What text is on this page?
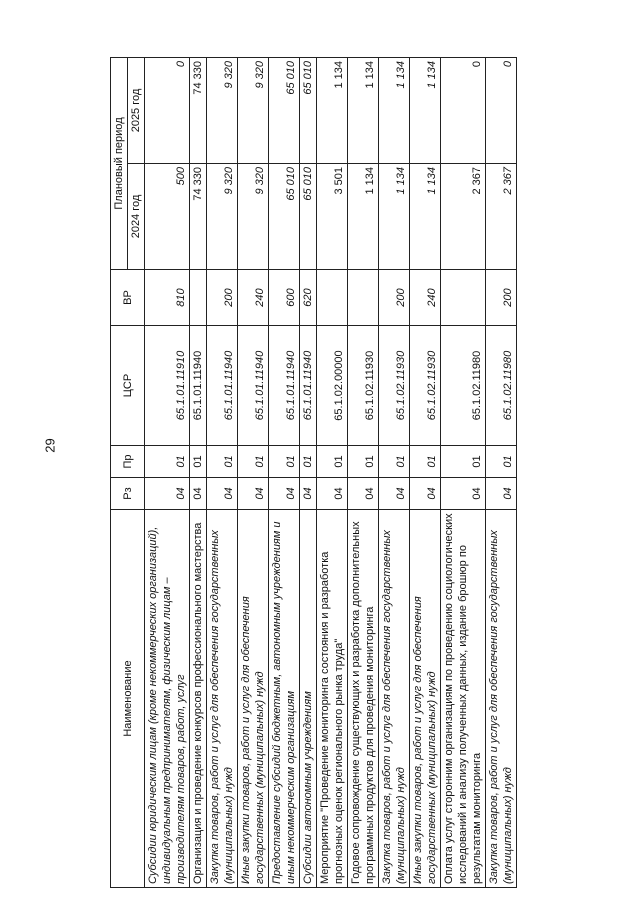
29
Наименование	Рз	Пр	ЦСР	ВР	Плановый период	
					2024 год	2025 год
Субсидии юридическим лицам (кроме некоммерческих организаций), индивидуальным предпринимателям, физическим лицам – производителям товаров, работ, услуг	04	01	65.1.01.11910	810	500	0
Организация и проведение конкурсов профессионального мастерства	04	01	65.1.01.11940		74 330	74 330
Закупка товаров, работ и услуг для обеспечения государственных (муниципальных) нужд	04	01	65.1.01.11940	200	9 320	9 320
Иные закупки товаров, работ и услуг для обеспечения государственных (муниципальных) нужд	04	01	65.1.01.11940	240	9 320	9 320
Предоставление субсидий бюджетным, автономным учреждениям и иным некоммерческим организациям	04	01	65.1.01.11940	600	65 010	65 010
Субсидии автономным учреждениям	04	01	65.1.01.11940	620	65 010	65 010
Мероприятие "Проведение мониторинга состояния и разработка прогнозных оценок регионального рынка труда"	04	01	65.1.02.00000		3 501	1 134
Годовое сопровождение существующих и разработка дополнительных программных продуктов для проведения мониторинга	04	01	65.1.02.11930		1 134	1 134
Закупка товаров, работ и услуг для обеспечения государственных (муниципальных) нужд	04	01	65.1.02.11930	200	1 134	1 134
Иные закупки товаров, работ и услуг для обеспечения государственных (муниципальных) нужд	04	01	65.1.02.11930	240	1 134	1 134
Оплата услуг сторонним организациям по проведению социологических исследований и анализу полученных данных, издание брошюр по результатам мониторинга	04	01	65.1.02.11980		2 367	0
Закупка товаров, работ и услуг для обеспечения государственных (муниципальных) нужд	04	01	65.1.02.11980	200	2 367	0
